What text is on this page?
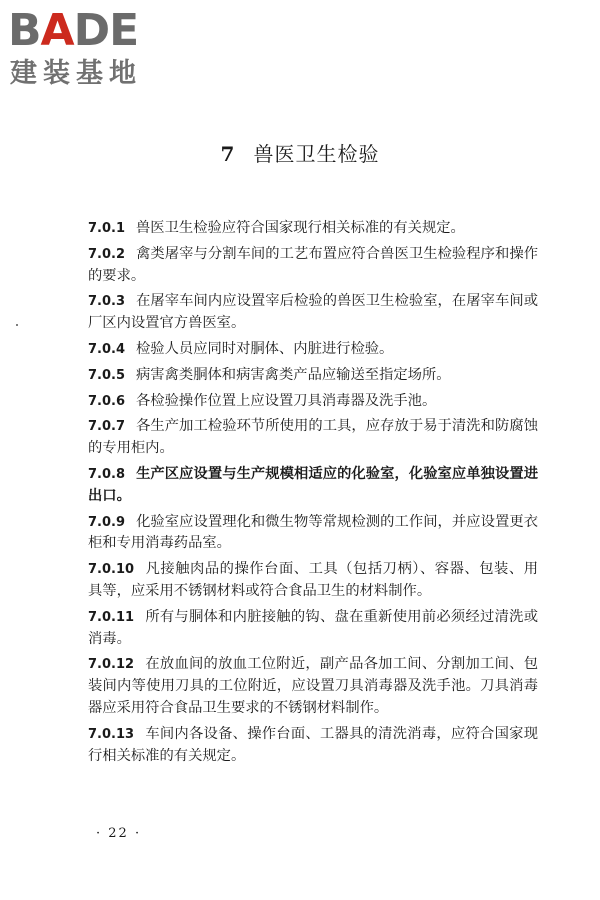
BADE
建装基地
7 兽医卫生检验

7.0.1 兽医卫生检验应符合国家现行相关标准的有关规定。

7.0.2 禽类屠宰与分割车间的工艺布置应符合兽医卫生检验程序和操作的要求。

7.0.3 在屠宰车间内应设置宰后检验的兽医卫生检验室，在屠宰车间或厂区内设置官方兽医室。

7.0.4 检验人员应同时对胴体、内脏进行检验。

7.0.5 病害禽类胴体和病害禽类产品应输送至指定场所。

7.0.6 各检验操作位置上应设置刀具消毒器及洗手池。

7.0.7 各生产加工检验环节所使用的工具，应存放于易于清洗和防腐蚀的专用柜内。

7.0.8 生产区应设置与生产规模相适应的化验室，化验室应单独设置进出口。

7.0.9 化验室应设置理化和微生物等常规检测的工作间，并应设置更衣柜和专用消毒药品室。

7.0.10 凡接触肉品的操作台面、工具（包括刀柄）、容器、包装、用具等，应采用不锈钢材料或符合食品卫生的材料制作。

7.0.11 所有与胴体和内脏接触的钩、盘在重新使用前必须经过清洗或消毒。

7.0.12 在放血间的放血工位附近，副产品各加工间、分割加工间、包装间内等使用刀具的工位附近，应设置刀具消毒器及洗手池。刀具消毒器应采用符合食品卫生要求的不锈钢材料制作。

7.0.13 车间内各设备、操作台面、工器具的清洗消毒，应符合国家现行相关标准的有关规定。

· 22 ·
